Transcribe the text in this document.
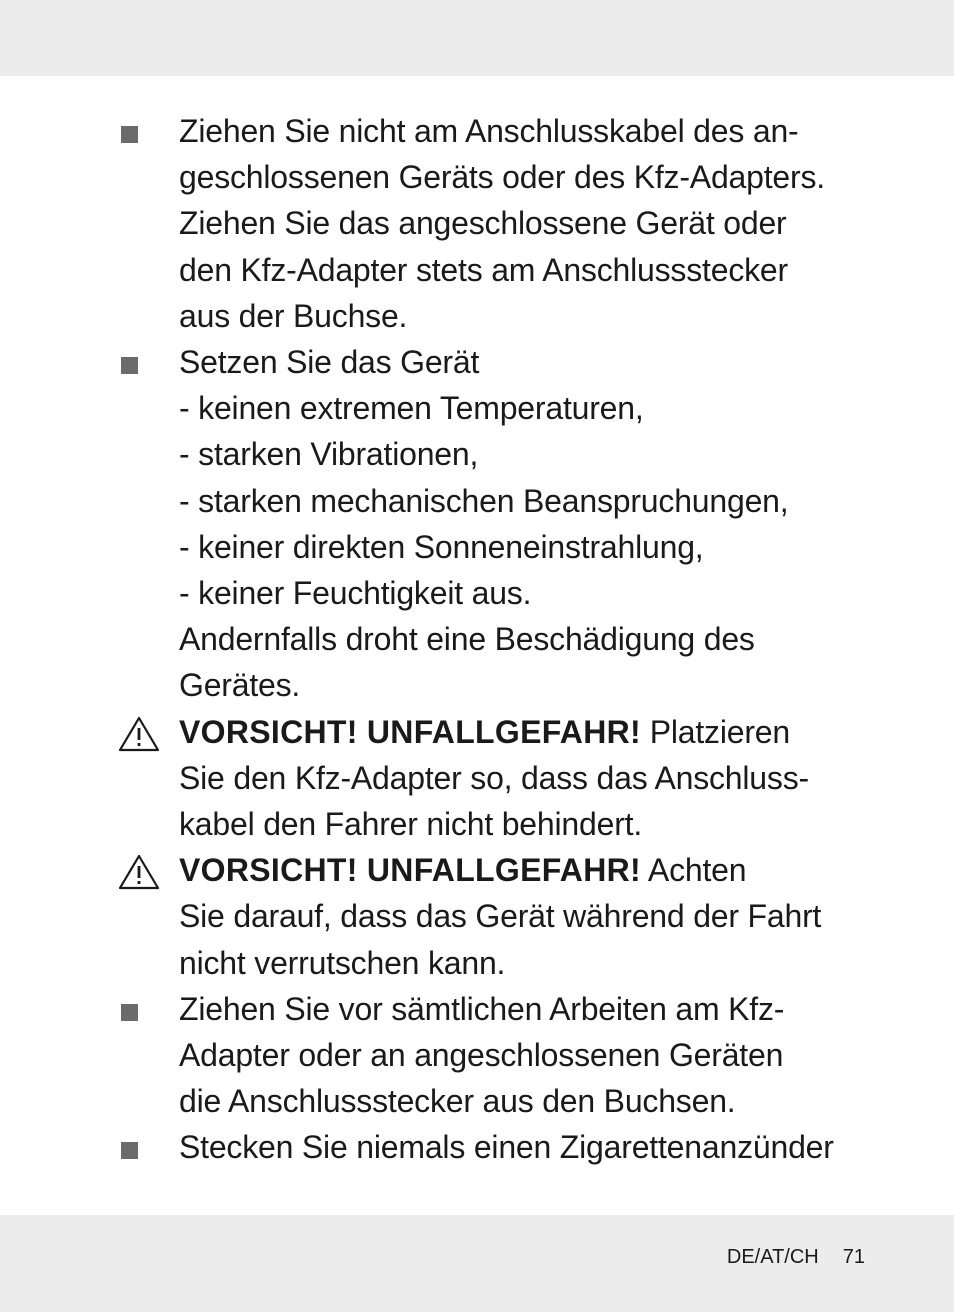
Ziehen Sie nicht am Anschlusskabel des an-
geschlossenen Geräts oder des Kfz-Adapters.
Ziehen Sie das angeschlossene Gerät oder
den Kfz-Adapter stets am Anschlussstecker
aus der Buchse.
Setzen Sie das Gerät
- keinen extremen Temperaturen,
- starken Vibrationen,
- starken mechanischen Beanspruchungen,
- keiner direkten Sonneneinstrahlung,
- keiner Feuchtigkeit aus.
Andernfalls droht eine Beschädigung des
Gerätes.
VORSICHT! UNFALLGEFAHR! Platzieren
Sie den Kfz-Adapter so, dass das Anschluss-
kabel den Fahrer nicht behindert.
VORSICHT! UNFALLGEFAHR! Achten
Sie darauf, dass das Gerät während der Fahrt
nicht verrutschen kann.
Ziehen Sie vor sämtlichen Arbeiten am Kfz-
Adapter oder an angeschlossenen Geräten
die Anschlussstecker aus den Buchsen.
Stecken Sie niemals einen Zigarettenanzünder
DE/AT/CH 71
